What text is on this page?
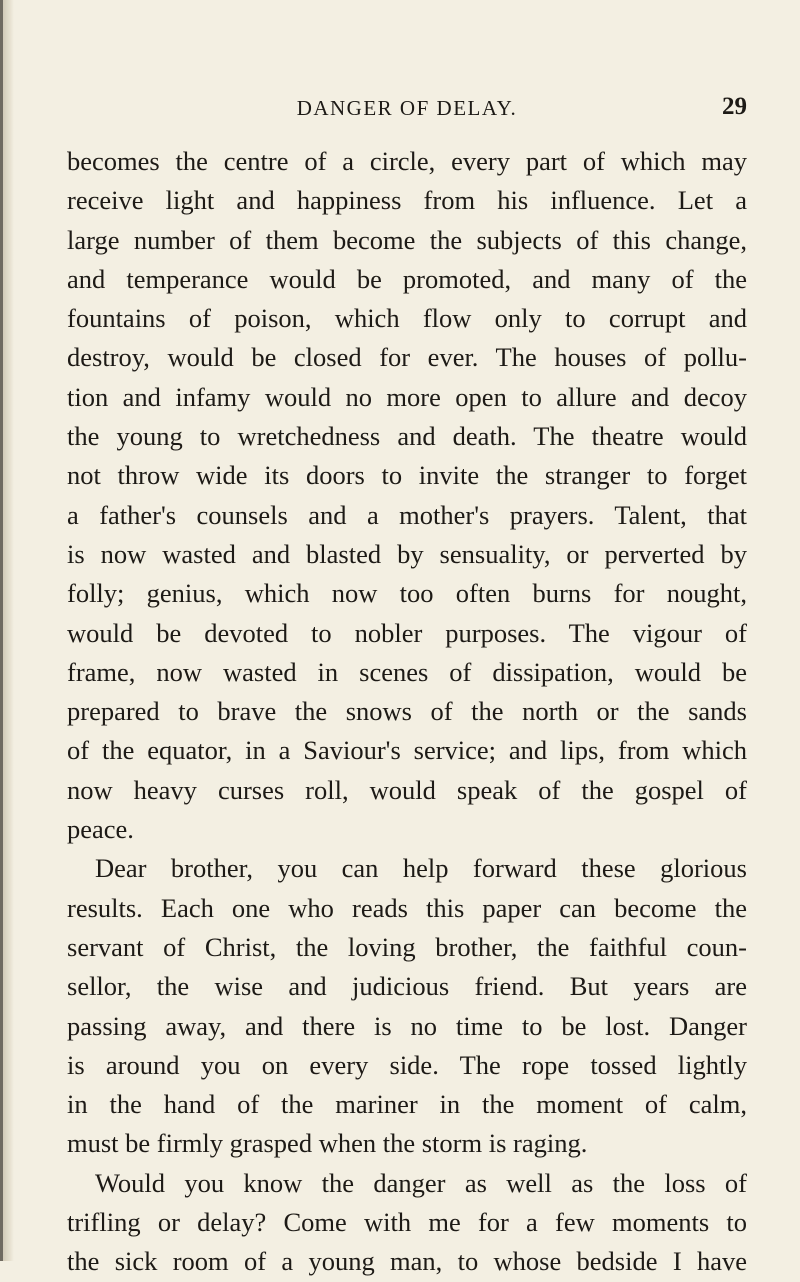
DANGER OF DELAY.	29
becomes the centre of a circle, every part of which may
receive light and happiness from his influence. Let a
large number of them become the subjects of this change,
and temperance would be promoted, and many of the
fountains of poison, which flow only to corrupt and
destroy, would be closed for ever. The houses of pollu-
tion and infamy would no more open to allure and decoy
the young to wretchedness and death. The theatre would
not throw wide its doors to invite the stranger to forget
a father's counsels and a mother's prayers. Talent, that
is now wasted and blasted by sensuality, or perverted by
folly; genius, which now too often burns for nought,
would be devoted to nobler purposes. The vigour of
frame, now wasted in scenes of dissipation, would be
prepared to brave the snows of the north or the sands
of the equator, in a Saviour's service; and lips, from which
now heavy curses roll, would speak of the gospel of
peace.
Dear brother, you can help forward these glorious
results. Each one who reads this paper can become the
servant of Christ, the loving brother, the faithful coun-
sellor, the wise and judicious friend. But years are
passing away, and there is no time to be lost. Danger
is around you on every side. The rope tossed lightly
in the hand of the mariner in the moment of calm,
must be firmly grasped when the storm is raging.
Would you know the danger as well as the loss of
trifling or delay? Come with me for a few moments to
the sick room of a young man, to whose bedside I have
